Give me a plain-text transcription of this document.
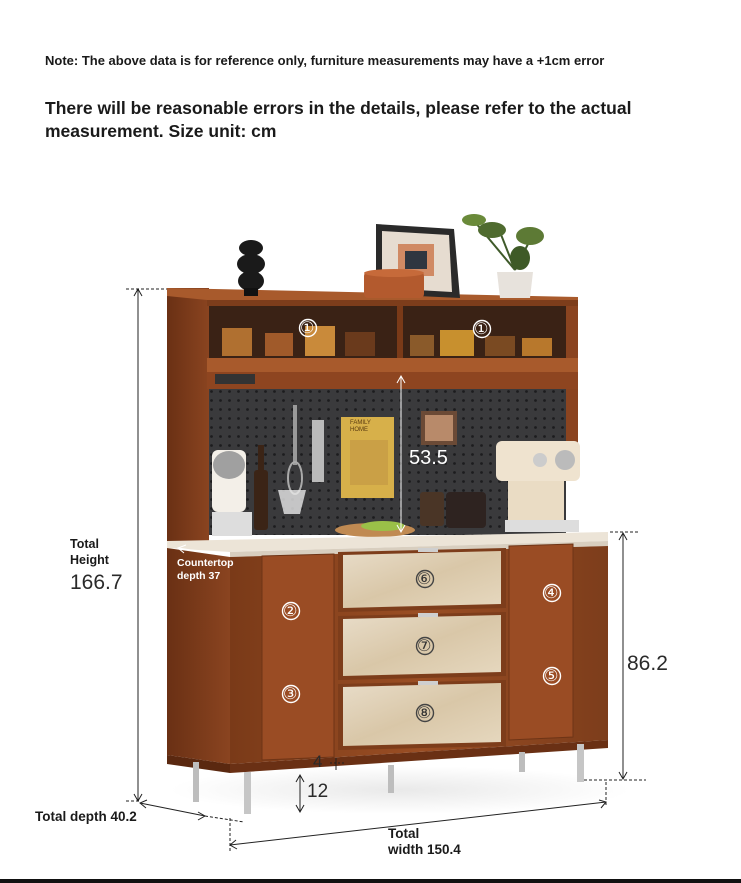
Note: The above data is for reference only, furniture measurements may have a +1cm error
There will be reasonable errors in the details, please refer to the actual measurement. Size unit: cm
①	①
②
③
④
⑤
⑥
⑦
⑧
FAMILY
HOME
Total
Height
166.7
Countertop
depth 37
53.5
86.2
4
12
Total depth 40.2
Total
width 150.4
